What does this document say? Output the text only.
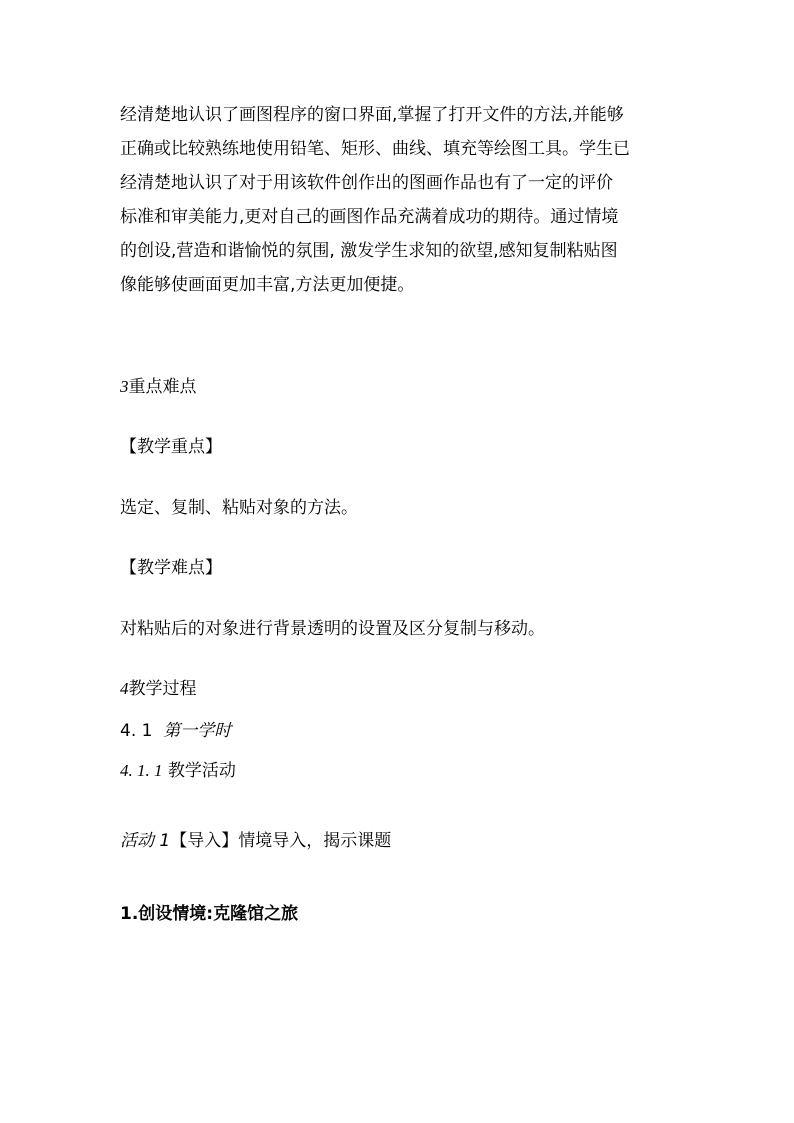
经清楚地认识了画图程序的窗口界面,掌握了打开文件的方法,并能够
正确或比较熟练地使用铅笔、矩形、曲线、填充等绘图工具。学生已
经清楚地认识了对于用该软件创作出的图画作品也有了一定的评价
标准和审美能力,更对自己的画图作品充满着成功的期待。通过情境
的创设,营造和谐愉悦的氛围, 激发学生求知的欲望,感知复制粘贴图
像能够使画面更加丰富,方法更加便捷。
3重点难点
【教学重点】
选定、复制、粘贴对象的方法。
【教学难点】
对粘贴后的对象进行背景透明的设置及区分复制与移动。
4教学过程
4. 1 第一学时
4. 1. 1 教学活动
活动 1【导入】情境导入，揭示课题
1.创设情境:克隆馆之旅
